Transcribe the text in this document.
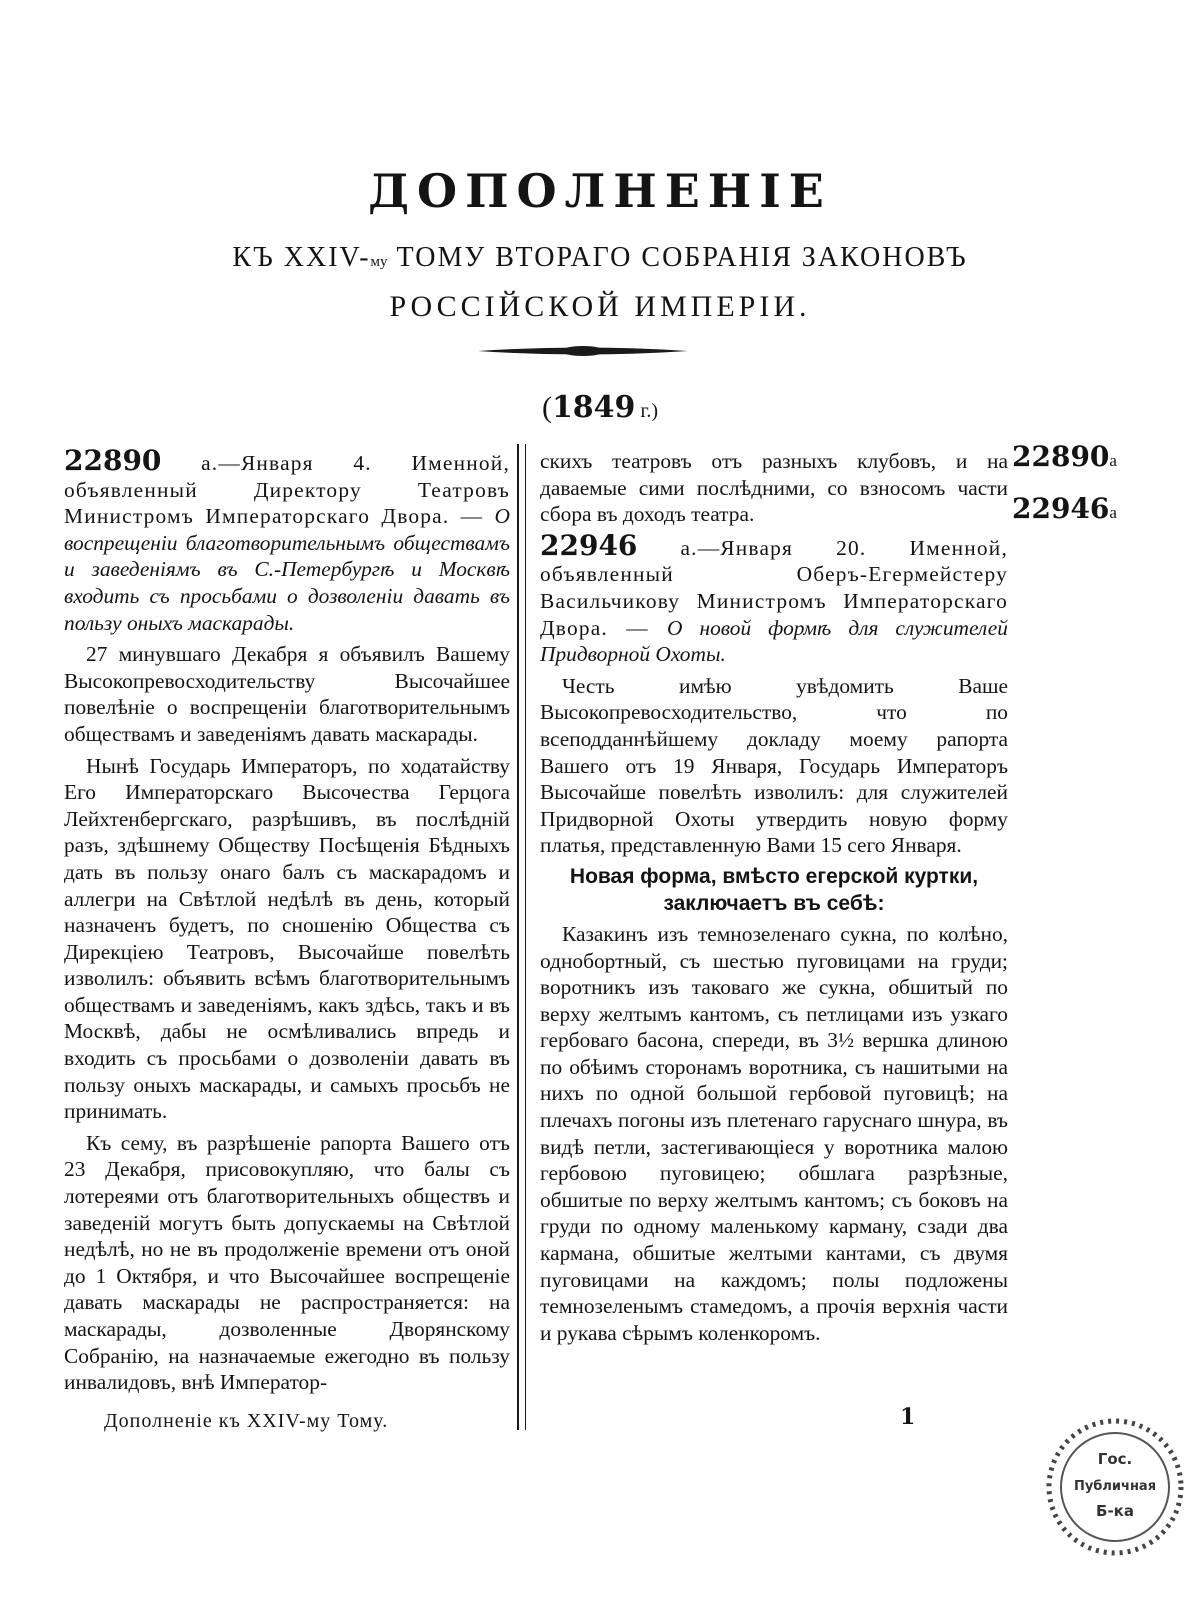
ДОПОЛНЕНІЕ
КЪ XXIV-му ТОМУ ВТОРАГО СОБРАНІЯ ЗАКОНОВЪ
РОССІЙСКОЙ ИМПЕРІИ.
(1849 г.)

22890 а.—Января 4. Именной, объявленный Директору Театровъ Министромъ Императорскаго Двора. — О воспрещеніи благотворительнымъ обществамъ и заведеніямъ въ С.-Петербургѣ и Москвѣ входить съ просьбами о дозволеніи давать въ пользу оныхъ маскарады.

27 минувшаго Декабря я объявилъ Вашему Высокопревосходительству Высочайшее повелѣніе о воспрещеніи благотворительнымъ обществамъ и заведеніямъ давать маскарады.

Нынѣ Государь Императоръ, по ходатайству Его Императорскаго Высочества Герцога Лейхтенбергскаго, разрѣшивъ, въ послѣдній разъ, здѣшнему Обществу Посѣщенія Бѣдныхъ дать въ пользу онаго балъ съ маскарадомъ и аллегри на Свѣтлой недѣлѣ въ день, который назначенъ будетъ, по сношенію Общества съ Дирекціею Театровъ, Высочайше повелѣть изволилъ: объявить всѣмъ благотворительнымъ обществамъ и заведеніямъ, какъ здѣсь, такъ и въ Москвѣ, дабы не осмѣливались впредь и входить съ просьбами о дозволеніи давать въ пользу оныхъ маскарады, и самыхъ просьбъ не принимать.

Къ сему, въ разрѣшеніе рапорта Вашего отъ 23 Декабря, присовокупляю, что балы съ лотереями отъ благотворительныхъ обществъ и заведеній могутъ быть допускаемы на Свѣтлой недѣлѣ, но не въ продолженіе времени отъ оной до 1 Октября, и что Высочайшее воспрещеніе давать маскарады не распространяется: на маскарады, дозволенные Дворянскому Собранію, на назначаемые ежегодно въ пользу инвалидовъ, внѣ Император-

скихъ театровъ отъ разныхъ клубовъ, и на даваемые сими послѣдними, со взносомъ части сбора въ доходъ театра.

22946 а.—Января 20. Именной, объявленный Оберъ-Егермейстеру Васильчикову Министромъ Императорскаго Двора. — О новой формѣ для служителей Придворной Охоты.

Честь имѣю увѣдомить Ваше Высокопревосходительство, что по всеподданнѣйшему докладу моему рапорта Вашего отъ 19 Января, Государь Императоръ Высочайше повелѣть изволилъ: для служителей Придворной Охоты утвердить новую форму платья, представленную Вами 15 сего Января.

Новая форма, вмѣсто егерской куртки,
заключаетъ въ себѣ:

Казакинъ изъ темнозеленаго сукна, по колѣно, однобортный, съ шестью пуговицами на груди; воротникъ изъ таковаго же сукна, обшитый по верху желтымъ кантомъ, съ петлицами изъ узкаго гербоваго басона, спереди, въ 3½ вершка длиною по обѣимъ сторонамъ воротника, съ нашитыми на нихъ по одной большой гербовой пуговицѣ; на плечахъ погоны изъ плетенаго гаруснаго шнура, въ видѣ петли, застегивающіеся у воротника малою гербовою пуговицею; обшлага разрѣзные, обшитые по верху желтымъ кантомъ; съ боковъ на груди по одному маленькому карману, сзади два кармана, обшитые желтыми кантами, съ двумя пуговицами на каждомъ; полы подложены темнозеленымъ стамедомъ, а прочія верхнія части и рукава сѣрымъ коленкоромъ.

22890а
22946а
Дополненіе къ XXIV-му Тому.	1
Гос.
Публичная
Б-ка
